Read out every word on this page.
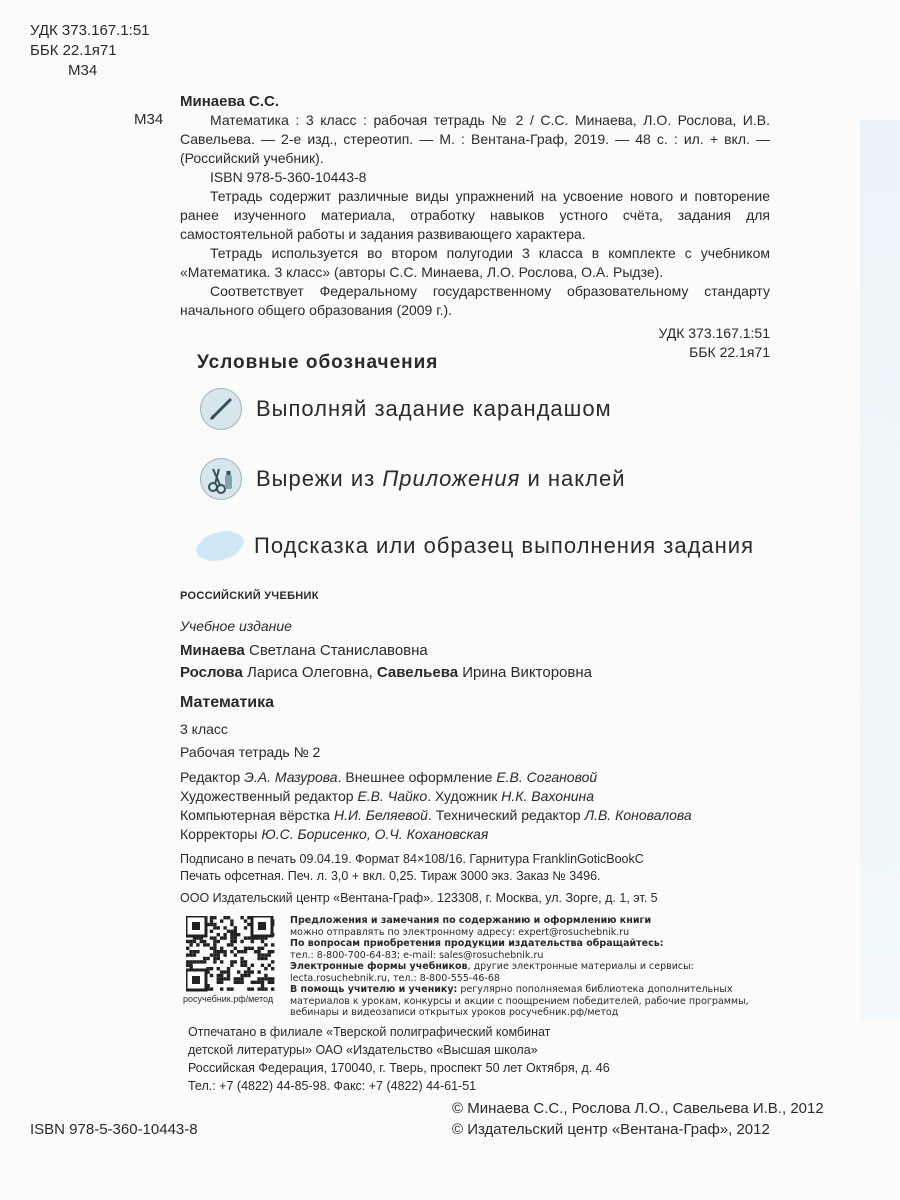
УДК 373.167.1:51
ББК 22.1я71
М34
М34

Минаева С.С.

Математика : 3 класс : рабочая тетрадь № 2 / С.С. Минаева, Л.О. Рослова, И.В. Савельева. — 2-е изд., стереотип. — М. : Вентана-Граф, 2019. — 48 с. : ил. + вкл. — (Российский учебник).

ISBN 978-5-360-10443-8

Тетрадь содержит различные виды упражнений на усвоение нового и повторение ранее изученного материала, отработку навыков устного счёта, задания для самостоятельной работы и задания развивающего характера.

Тетрадь используется во втором полугодии 3 класса в комплекте с учебником «Математика. 3 класс» (авторы С.С. Минаева, Л.О. Рослова, О.А. Рыдзе).

Соответствует Федеральному государственному образовательному стандарту начального общего образования (2009 г.).

УДК 373.167.1:51

ББК 22.1я71

Условные обозначения
Выполняй задание карандашом
Вырежи из Приложения и наклей
Подсказка или образец выполнения задания
РОССИЙСКИЙ УЧЕБНИК
Учебное издание
Минаева Светлана Станиславовна
Рослова Лариса Олеговна, Савельева Ирина Викторовна
Математика
3 класс
Рабочая тетрадь № 2
Редактор Э.А. Мазурова. Внешнее оформление Е.В. Согановой
Художественный редактор Е.В. Чайко. Художник Н.К. Вахонина
Компьютерная вёрстка Н.И. Беляевой. Технический редактор Л.В. Коновалова
Корректоры Ю.С. Борисенко, О.Ч. Кохановская
Подписано в печать 09.04.19. Формат 84×108/16. Гарнитура FranklinGoticBookC
Печать офсетная. Печ. л. 3,0 + вкл. 0,25. Тираж 3000 экз. Заказ № 3496.
ООО Издательский центр «Вентана-Граф». 123308, г. Москва, ул. Зорге, д. 1, эт. 5
росучебник.рф/метод
Предложения и замечания по содержанию и оформлению книги
можно отправлять по электронному адресу: expert@rosuchebnik.ru
По вопросам приобретения продукции издательства обращайтесь:
тел.: 8-800-700-64-83; e-mail: sales@rosuchebnik.ru
Электронные формы учебников, другие электронные материалы и сервисы:
lecta.rosuchebnik.ru, тел.: 8-800-555-46-68
В помощь учителю и ученику: регулярно пополняемая библиотека дополнительных
материалов к урокам, конкурсы и акции с поощрением победителей, рабочие программы,
вебинары и видеозаписи открытых уроков росучебник.рф/метод
Отпечатано в филиале «Тверской полиграфический комбинат
детской литературы» ОАО «Издательство «Высшая школа»
Российская Федерация, 170040, г. Тверь, проспект 50 лет Октября, д. 46
Тел.: +7 (4822) 44-85-98. Факс: +7 (4822) 44-61-51
ISBN 978-5-360-10443-8
© Минаева С.С., Рослова Л.О., Савельева И.В., 2012
© Издательский центр «Вентана-Граф», 2012
